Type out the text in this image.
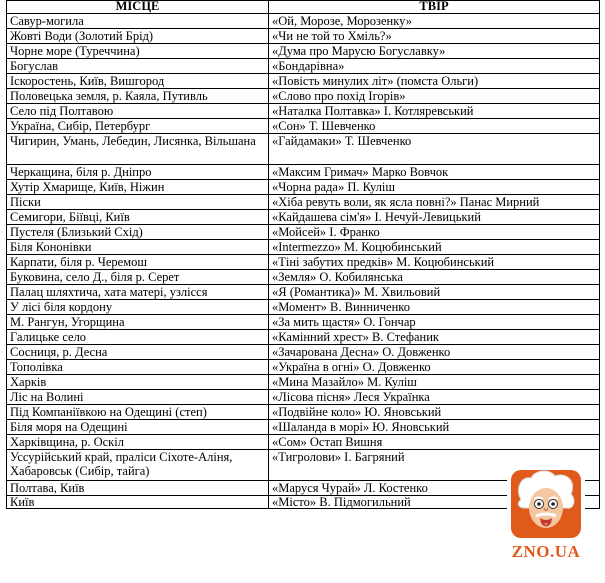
МІСЦЕ	ТВІР
Савур-могила	«Ой, Морозе, Морозенку»
Жовті Води (Золотий Брід)	«Чи не той то Хміль?»
Чорне море (Туреччина)	«Дума про Марусю Богуславку»
Богуслав	«Бондарівна»
Іскоростень, Київ, Вишгород	«Повість минулих літ» (помста Ольги)
Половецька земля, р. Каяла, Путивль	«Слово про похід Ігорів»
Село під Полтавою	«Наталка Полтавка» І. Котляревський
Україна, Сибір, Петербург	«Сон» Т. Шевченко
Чигирин, Умань, Лебедин, Лисянка, Вільшана	«Гайдамаки» Т. Шевченко
Черкащина, біля р. Дніпро	«Максим Гримач» Марко Вовчок
Хутір Хмарище, Київ, Ніжин	«Чорна рада» П. Куліш
Піски	«Хіба ревуть воли, як ясла повні?» Панас Мирний
Семигори, Біївці, Київ	«Кайдашева сім'я» І. Нечуй-Левицький
Пустеля (Близький Схід)	«Мойсей» І. Франко
Біля Кононівки	«Intermezzo» М. Коцюбинський
Карпати, біля р. Черемош	«Тіні забутих предків» М. Коцюбинський
Буковина, село Д., біля р. Серет	«Земля» О. Кобилянська
Палац шляхтича, хата матері, узлісся	«Я (Романтика)» М. Хвильовий
У лісі біля кордону	«Момент» В. Винниченко
М. Рангун, Угорщина	«За мить щастя» О. Гончар
Галицьке село	«Камінний хрест» В. Стефаник
Сосниця, р. Десна	«Зачарована Десна» О. Довженко
Тополівка	«Україна в огні» О. Довженко
Харків	«Мина Мазайло» М. Куліш
Ліс на Волині	«Лісова пісня» Леся Українка
Під Компаніївкою на Одещині (степ)	«Подвійне коло» Ю. Яновський
Біля моря на Одещині	«Шаланда в морі» Ю. Яновський
Харківщина, р. Оскіл	«Сом» Остап Вишня
Уссурійський край, праліси Сіхоте-Аліня, Хабаровськ (Сибір, тайга)	«Тигролови» І. Багряний
Полтава, Київ	«Маруся Чурай» Л. Костенко
Київ	«Місто» В. Підмогильний
ZNO.UA
